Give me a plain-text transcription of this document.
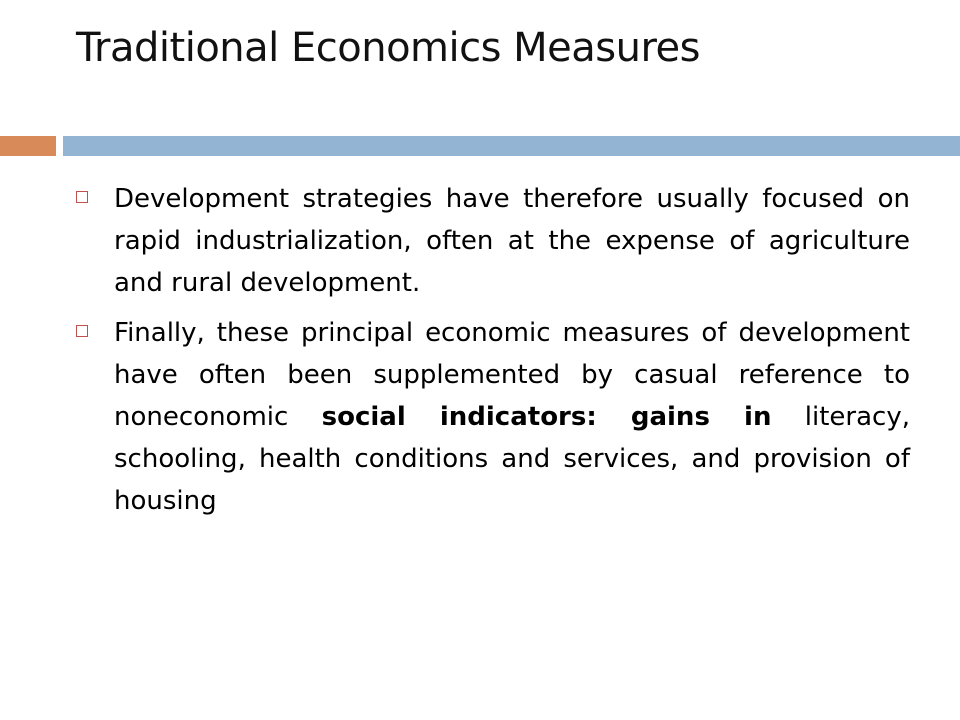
Traditional Economics Measures
Development strategies have therefore usually focused on rapid industrialization, often at the expense of agriculture and rural development.
Finally, these principal economic measures of development have often been supplemented by casual reference to noneconomic social indicators: gains in literacy, schooling, health conditions and services, and provision of housing
